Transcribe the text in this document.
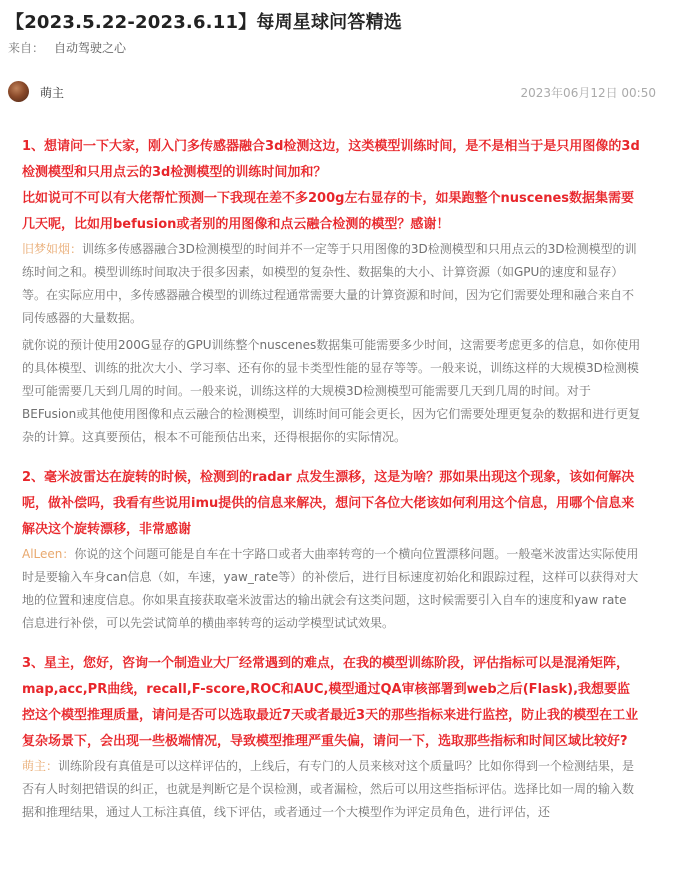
【2023.5.22-2023.6.11】每周星球问答精选
来自： 自动驾驶之心
萌主	2023年06月12日 00:50

1、想请问一下大家，刚入门多传感器融合3d检测这边，这类模型训练时间，是不是相当于是只用图像的3d检测模型和只用点云的3d检测模型的训练时间加和？

比如说可不可以有大佬帮忙预测一下我现在差不多200g左右显存的卡，如果跑整个nuscenes数据集需要几天呢，比如用befusion或者别的用图像和点云融合检测的模型？感谢！

旧梦如烟：训练多传感器融合3D检测模型的时间并不一定等于只用图像的3D检测模型和只用点云的3D检测模型的训练时间之和。模型训练时间取决于很多因素，如模型的复杂性、数据集的大小、计算资源（如GPU的速度和显存）等。在实际应用中，多传感器融合模型的训练过程通常需要大量的计算资源和时间，因为它们需要处理和融合来自不同传感器的大量数据。

就你说的预计使用200G显存的GPU训练整个nuscenes数据集可能需要多少时间，这需要考虑更多的信息，如你使用的具体模型、训练的批次大小、学习率、还有你的显卡类型性能的显存等等。一般来说，训练这样的大规模3D检测模型可能需要几天到几周的时间。一般来说，训练这样的大规模3D检测模型可能需要几天到几周的时间。对于BEFusion或其他使用图像和点云融合的检测模型，训练时间可能会更长，因为它们需要处理更复杂的数据和进行更复杂的计算。这真要预估，根本不可能预估出来，还得根据你的实际情况。

2、毫米波雷达在旋转的时候，检测到的radar 点发生漂移，这是为啥？那如果出现这个现象，该如何解决呢，做补偿吗，我看有些说用imu提供的信息来解决，想问下各位大佬该如何利用这个信息，用哪个信息来解决这个旋转漂移，非常感谢

AlLeen：你说的这个问题可能是自车在十字路口或者大曲率转弯的一个横向位置漂移问题。一般毫米波雷达实际使用时是要输入车身can信息（如，车速，yaw_rate等）的补偿后，进行目标速度初始化和跟踪过程，这样可以获得对大地的位置和速度信息。你如果直接获取毫米波雷达的输出就会有这类问题，这时候需要引入自车的速度和yaw rate 信息进行补偿，可以先尝试简单的横曲率转弯的运动学模型试试效果。

3、星主，您好，咨询一个制造业大厂经常遇到的难点，在我的模型训练阶段，评估指标可以是混淆矩阵，map,acc,PR曲线，recall,F-score,ROC和AUC,模型通过QA审核部署到web之后(Flask),我想要监控这个模型推理质量，请问是否可以选取最近7天或者最近3天的那些指标来进行监控，防止我的模型在工业复杂场景下，会出现一些极端情况，导致模型推理严重失偏，请问一下，选取那些指标和时间区域比较好?

萌主：训练阶段有真值是可以这样评估的，上线后，有专门的人员来核对这个质量吗？比如你得到一个检测结果，是否有人时刻把错误的纠正，也就是判断它是个误检测，或者漏检，然后可以用这些指标评估。选择比如一周的输入数据和推理结果，通过人工标注真值，线下评估，或者通过一个大模型作为评定员角色，进行评估，还
